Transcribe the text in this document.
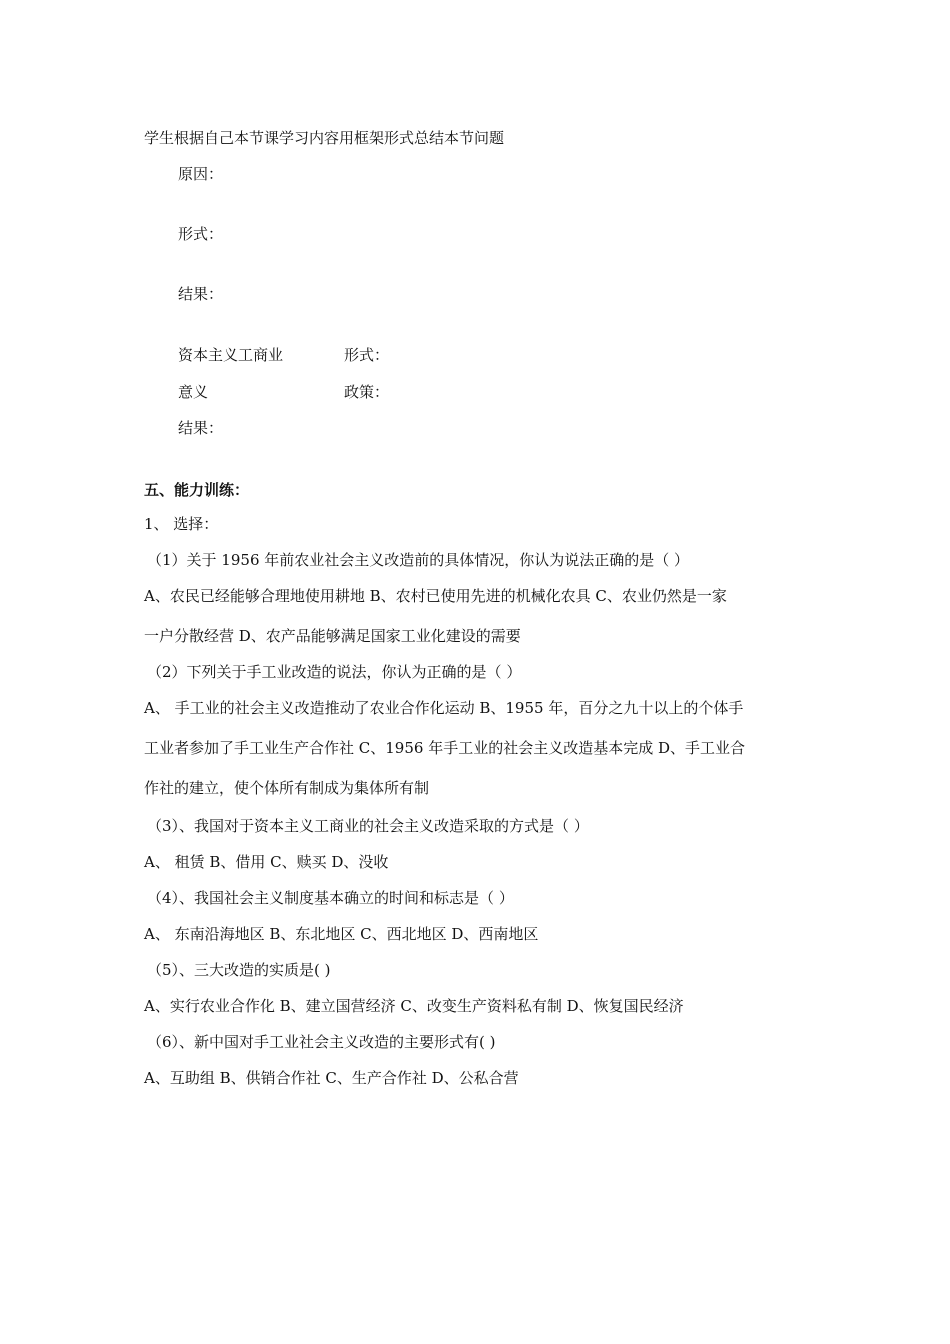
学生根据自己本节课学习内容用框架形式总结本节问题
原因：
形式：
结果：
资本主义工商业	形式：
意义	政策：
结果：
五、能力训练：
1、 选择：
（1）关于 1956 年前农业社会主义改造前的具体情况，你认为说法正确的是（ ）
A、农民已经能够合理地使用耕地 B、农村已使用先进的机械化农具 C、农业仍然是一家
一户分散经营 D、农产品能够满足国家工业化建设的需要
（2）下列关于手工业改造的说法，你认为正确的是（ ）
A、 手工业的社会主义改造推动了农业合作化运动 B、1955 年，百分之九十以上的个体手
工业者参加了手工业生产合作社 C、1956 年手工业的社会主义改造基本完成 D、手工业合
作社的建立，使个体所有制成为集体所有制
（3）、我国对于资本主义工商业的社会主义改造采取的方式是（ ）
A、 租赁 B、借用 C、赎买 D、没收
（4）、我国社会主义制度基本确立的时间和标志是（ ）
A、 东南沿海地区 B、东北地区 C、西北地区 D、西南地区
（5）、三大改造的实质是( )
A、实行农业合作化 B、建立国营经济 C、改变生产资料私有制 D、恢复国民经济
（6）、新中国对手工业社会主义改造的主要形式有( )
A、互助组 B、供销合作社 C、生产合作社 D、公私合营
